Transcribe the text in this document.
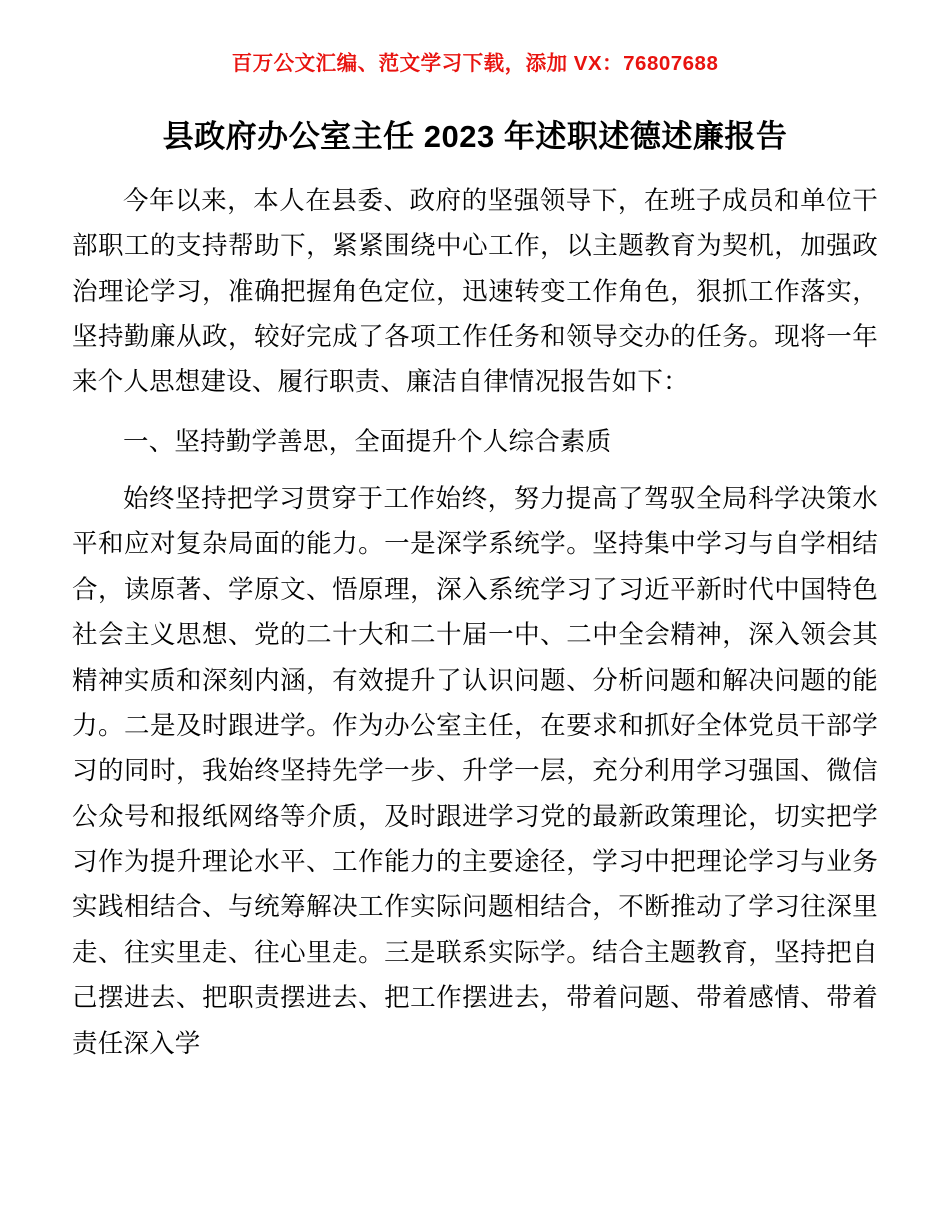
百万公文汇编、范文学习下载，添加 VX：76807688
县政府办公室主任 2023 年述职述德述廉报告

今年以来，本人在县委、政府的坚强领导下，在班子成员和单位干部职工的支持帮助下，紧紧围绕中心工作，以主题教育为契机，加强政治理论学习，准确把握角色定位，迅速转变工作角色，狠抓工作落实，坚持勤廉从政，较好完成了各项工作任务和领导交办的任务。现将一年来个人思想建设、履行职责、廉洁自律情况报告如下：

一、坚持勤学善思，全面提升个人综合素质

始终坚持把学习贯穿于工作始终，努力提高了驾驭全局科学决策水平和应对复杂局面的能力。一是深学系统学。坚持集中学习与自学相结合，读原著、学原文、悟原理，深入系统学习了习近平新时代中国特色社会主义思想、党的二十大和二十届一中、二中全会精神，深入领会其精神实质和深刻内涵，有效提升了认识问题、分析问题和解决问题的能力。二是及时跟进学。作为办公室主任，在要求和抓好全体党员干部学习的同时，我始终坚持先学一步、升学一层，充分利用学习强国、微信公众号和报纸网络等介质，及时跟进学习党的最新政策理论，切实把学习作为提升理论水平、工作能力的主要途径，学习中把理论学习与业务实践相结合、与统筹解决工作实际问题相结合，不断推动了学习往深里走、往实里走、往心里走。三是联系实际学。结合主题教育，坚持把自己摆进去、把职责摆进去、把工作摆进去，带着问题、带着感情、带着责任深入学
